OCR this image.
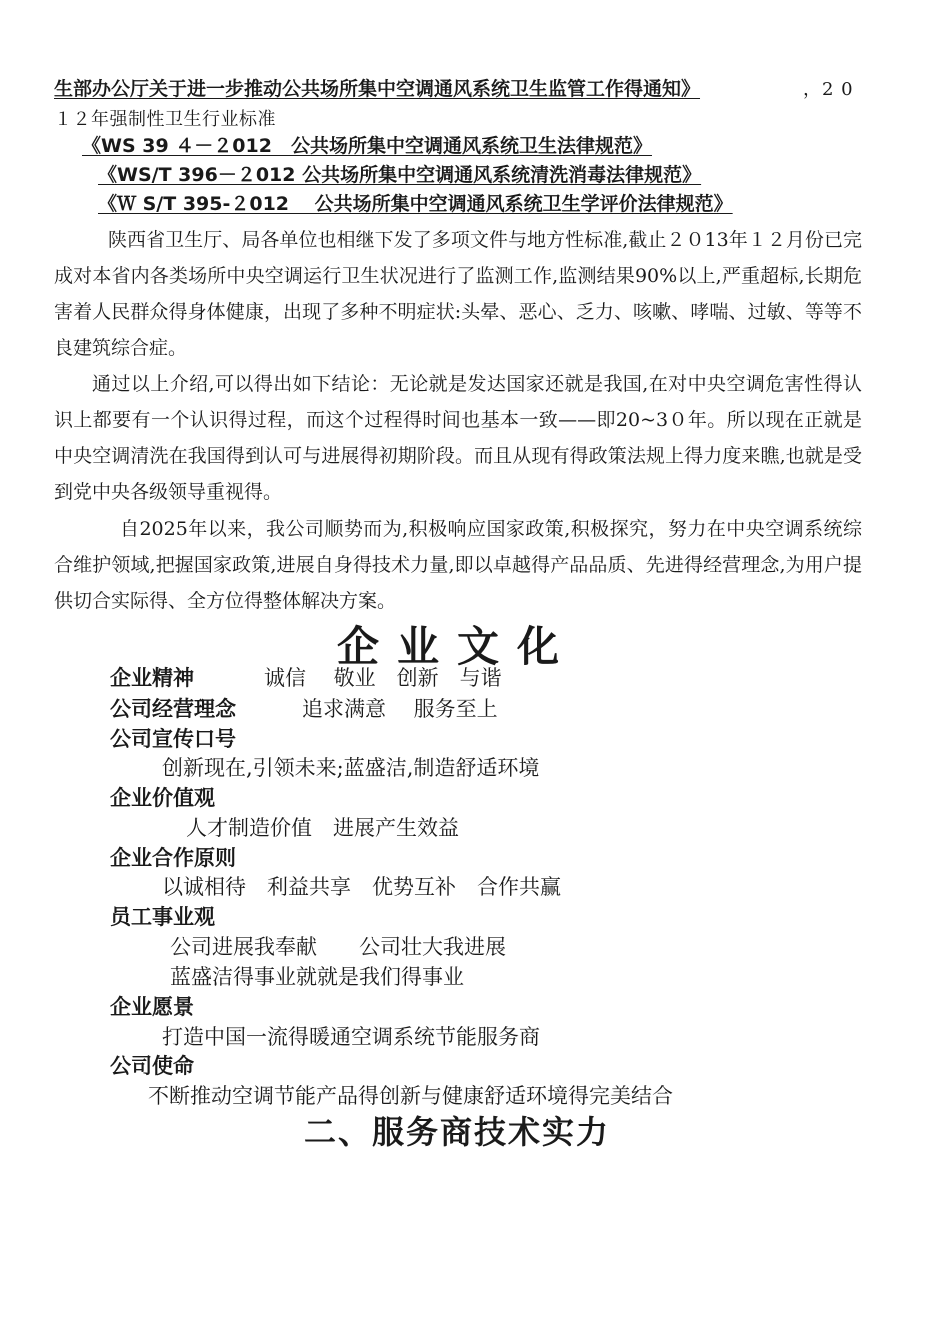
生部办公厅关于进一步推动公共场所集中空调通风系统卫生监管工作得通知》	，2 0
１２年强制性卫生行业标准
《WS 39 ４－２012　公共场所集中空调通风系统卫生法律规范》
《WS/T 396－２012 公共场所集中空调通风系统清洗消毒法律规范》
《Ｗ S/T 395-２012　 公共场所集中空调通风系统卫生学评价法律规范》
陕西省卫生厅、局各单位也相继下发了多项文件与地方性标准,截止２０13年１２月份已完成对本省内各类场所中央空调运行卫生状况进行了监测工作,监测结果90%以上,严重超标,长期危害着人民群众得身体健康，出现了多种不明症状:头晕、恶心、乏力、咳嗽、哮喘、过敏、等等不良建筑综合症。
通过以上介绍,可以得出如下结论：无论就是发达国家还就是我国,在对中央空调危害性得认识上都要有一个认识得过程，而这个过程得时间也基本一致——即20~3０年。所以现在正就是中央空调清洗在我国得到认可与进展得初期阶段。而且从现有得政策法规上得力度来瞧,也就是受到党中央各级领导重视得。
自2025年以来，我公司顺势而为,积极响应国家政策,积极探究，努力在中央空调系统综合维护领域,把握国家政策,进展自身得技术力量,即以卓越得产品品质、先进得经营理念,为用户提供切合实际得、全方位得整体解决方案。
企业文化
企业精神	诚信　 敬业　创新　与谐
公司经营理念	追求满意　 服务至上
公司宣传口号
创新现在,引领未来;蓝盛洁,制造舒适环境
企业价值观
人才制造价值　进展产生效益
企业合作原则
以诚相待　利益共享　优势互补　合作共赢
员工事业观
公司进展我奉献　　公司壮大我进展
蓝盛洁得事业就就是我们得事业
企业愿景
打造中国一流得暖通空调系统节能服务商
公司使命
不断推动空调节能产品得创新与健康舒适环境得完美结合
二、服务商技术实力
